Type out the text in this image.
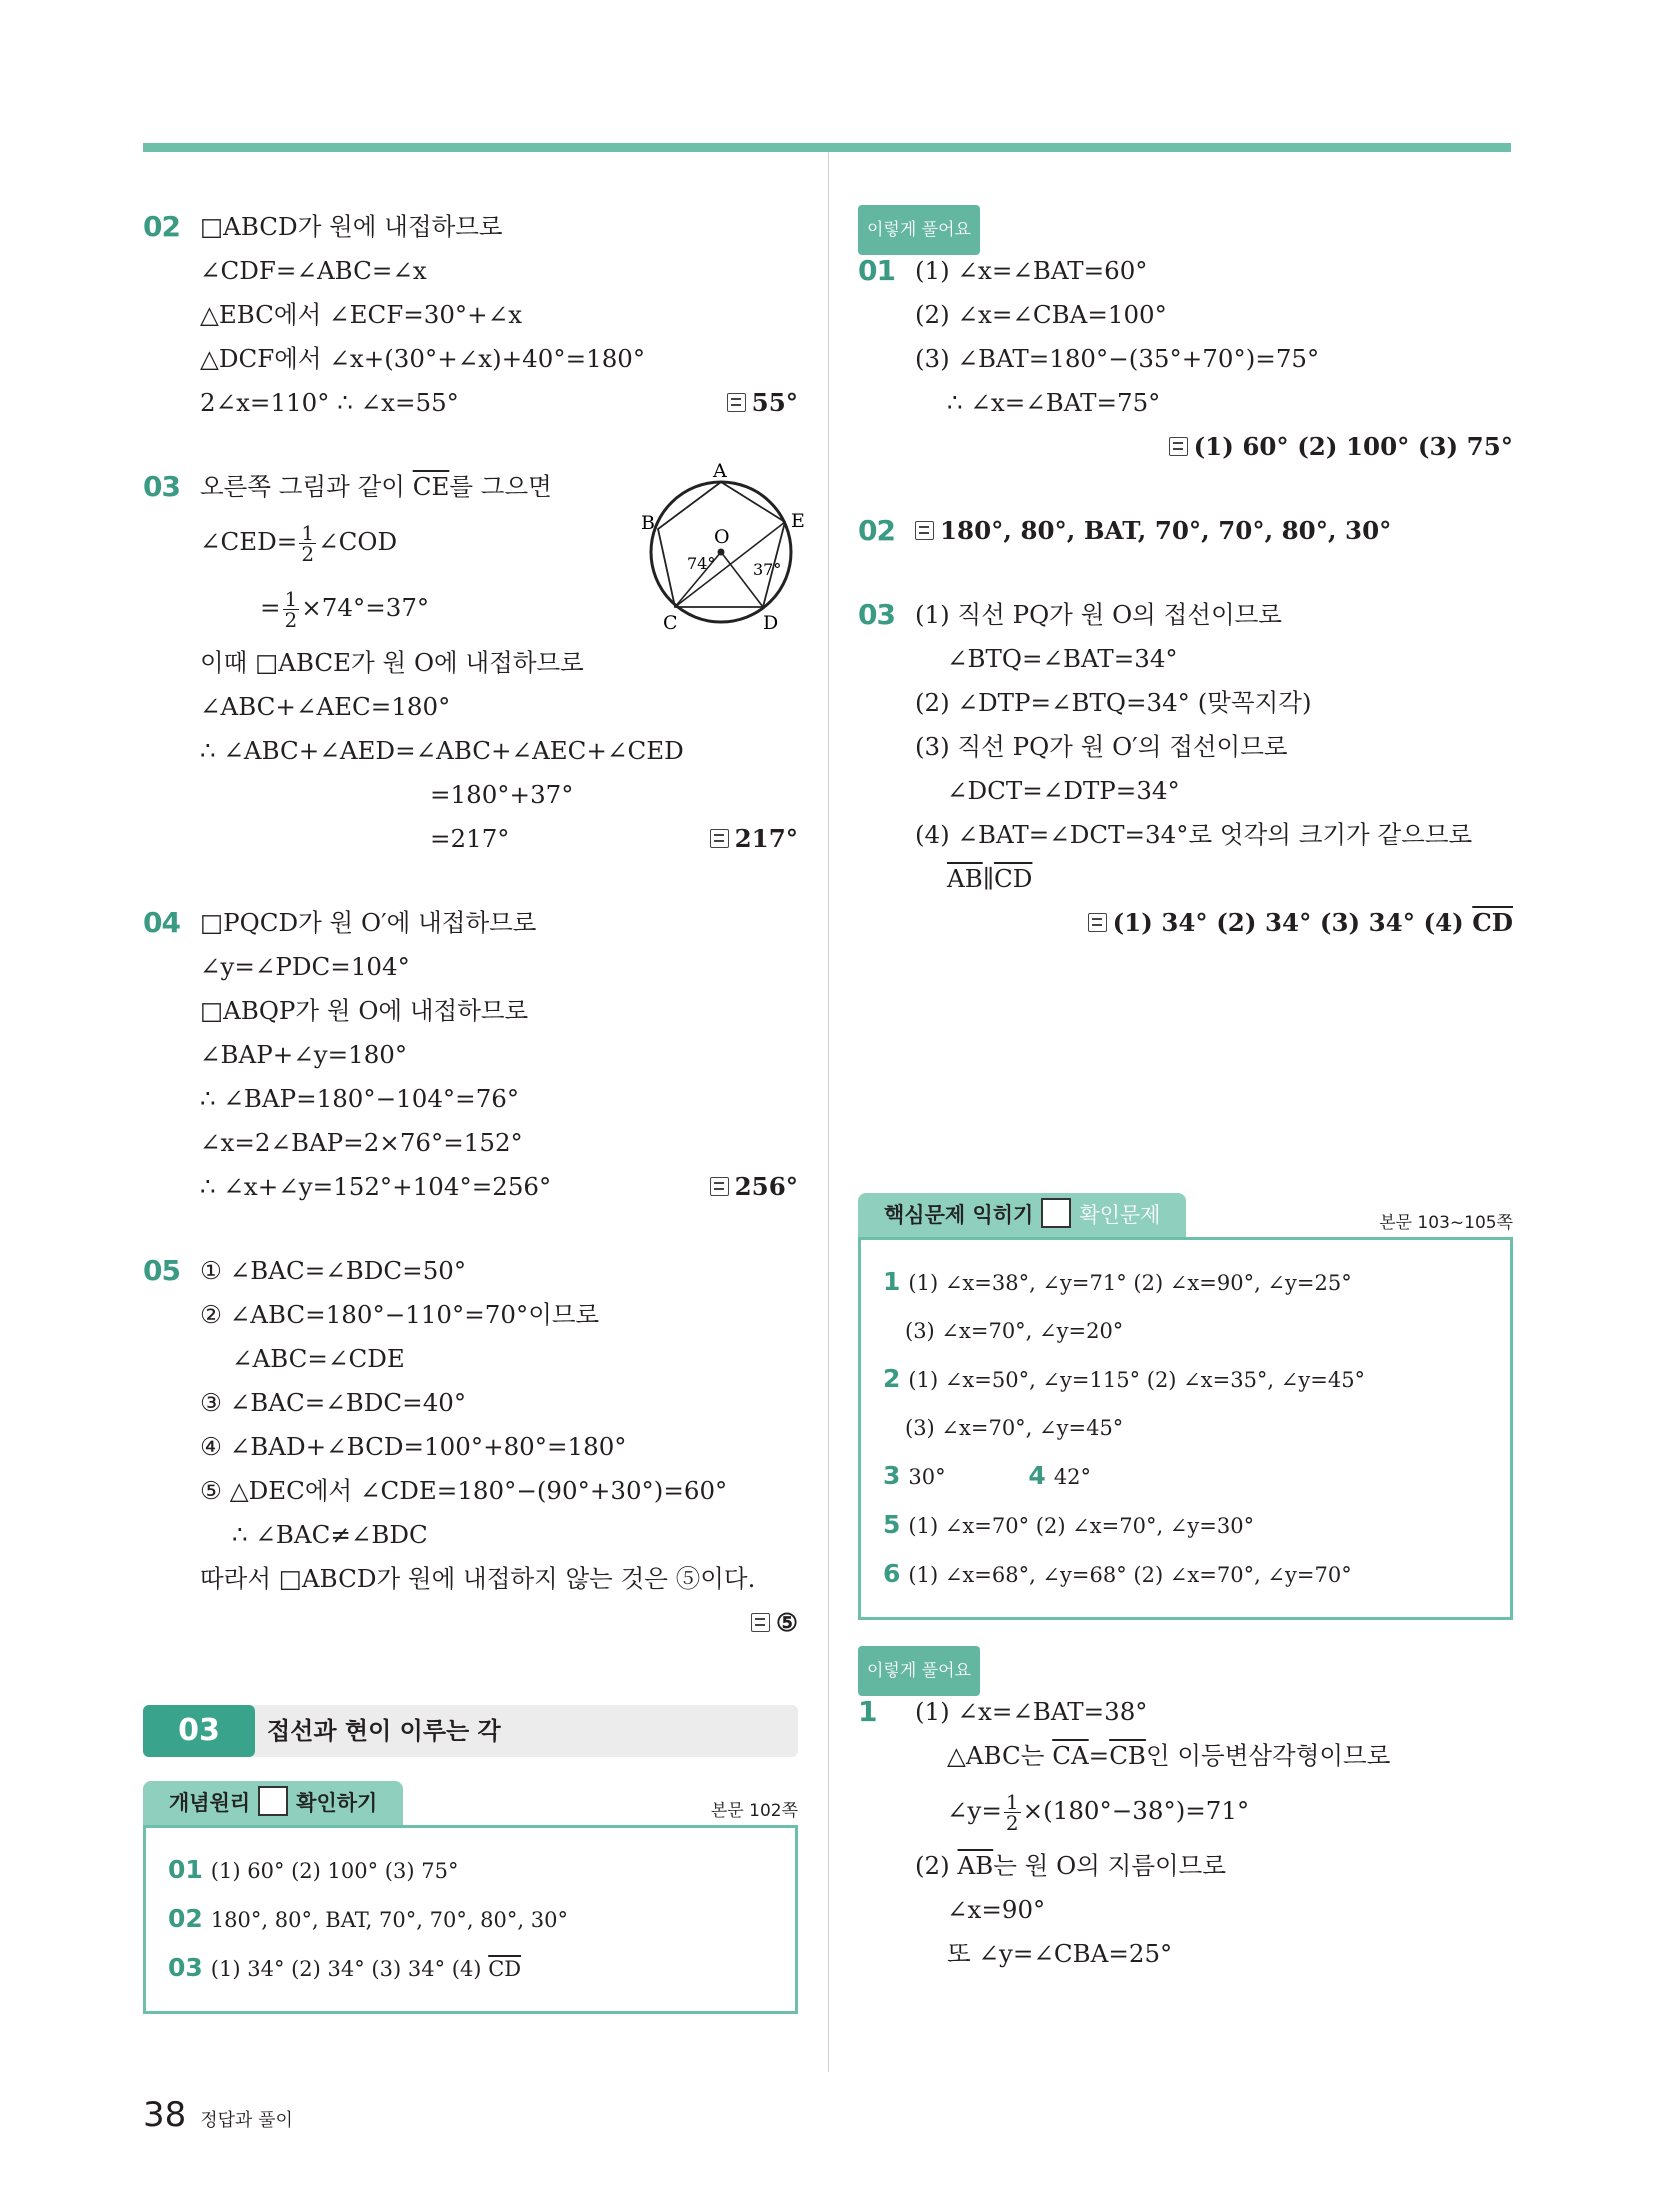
02 □ABCD가 원에 내접하므로
∠CDF=∠ABC=∠x
△EBC에서 ∠ECF=30°+∠x
△DCF에서 ∠x+(30°+∠x)+40°=180°
2∠x=110° ∴ ∠x=55°	55°
03 오른쪽 그림과 같이 $\overline{CE}$를 그으면
∠CED= $\frac{1}{2}$ ∠COD
= $\frac{1}{2} \times 74^\circ=37^\circ$
이때 □ABCE가 원 O에 내접하므로
∠ABC+∠AEC=180°
∴ ∠ABC+∠AED=∠ABC+∠AEC+∠CED
=180°+37°
=217°	217°
A
B
C	D
E
O
74° 37°
04 □PQCD가 원 O′에 내접하므로
∠y=∠PDC=104°
□ABQP가 원 O에 내접하므로
∠BAP+∠y=180°
∴ ∠BAP=180°−104°=76°
∠x=2∠BAP=2×76°=152°
∴ ∠x+∠y=152°+104°=256°	256°
05 ① ∠BAC=∠BDC=50°
② ∠ABC=180°−110°=70°이므로
∠ABC=∠CDE
③ ∠BAC=∠BDC=40°
④ ∠BAD+∠BCD=100°+80°=180°
⑤ △DEC에서 ∠CDE=180°−(90°+30°)=60°
∴ ∠BAC≠∠BDC
따라서 □ABCD가 원에 내접하지 않는 것은 ⑤이다.
⑤
03	접선과 현이 이루는 각
개념원리 확인하기	본문 102쪽
01 (1) 60° (2) 100° (3) 75°
02 180°, 80°, BAT, 70°, 70°, 80°, 30°
03 (1) 34° (2) 34° (3) 34° (4) $\overline{CD}$
이렇게 풀어요
01 (1) ∠x=∠BAT=60°
(2) ∠x=∠CBA=100°
(3) ∠BAT=180°−(35°+70°)=75°
∴ ∠x=∠BAT=75°
(1) 60° (2) 100° (3) 75°
02	180°, 80°, BAT, 70°, 70°, 80°, 30°
03 (1) 직선 PQ가 원 O의 접선이므로
∠BTQ=∠BAT=34°
(2) ∠DTP=∠BTQ=34° (맞꼭지각)
(3) 직선 PQ가 원 O′의 접선이므로
∠DCT=∠DTP=34°
(4) ∠BAT=∠DCT=34°로 엇각의 크기가 같으므로
$\overline{AB}\parallel\overline{CD}$
(1) 34° (2) 34° (3) 34° (4) $\overline{CD}$
핵심문제 익히기 확인문제	본문 103~105쪽
1 (1) ∠x=38°, ∠y=71° (2) ∠x=90°, ∠y=25°
(3) ∠x=70°, ∠y=20°
2 (1) ∠x=50°, ∠y=115° (2) ∠x=35°, ∠y=45°
(3) ∠x=70°, ∠y=45°
3 30°	4 42°
5 (1) ∠x=70° (2) ∠x=70°, ∠y=30°
6 (1) ∠x=68°, ∠y=68° (2) ∠x=70°, ∠y=70°
이렇게 풀어요
1 (1) ∠x=∠BAT=38°
△ABC는 $\overline{CA}=\overline{CB}$인 이등변삼각형이므로
∠y= $\frac{1}{2} \times(180^\circ-38^\circ)=71^\circ$
(2) $\overline{AB}$는 원 O의 지름이므로
∠x=90°
또 ∠y=∠CBA=25°
38 정답과 풀이
